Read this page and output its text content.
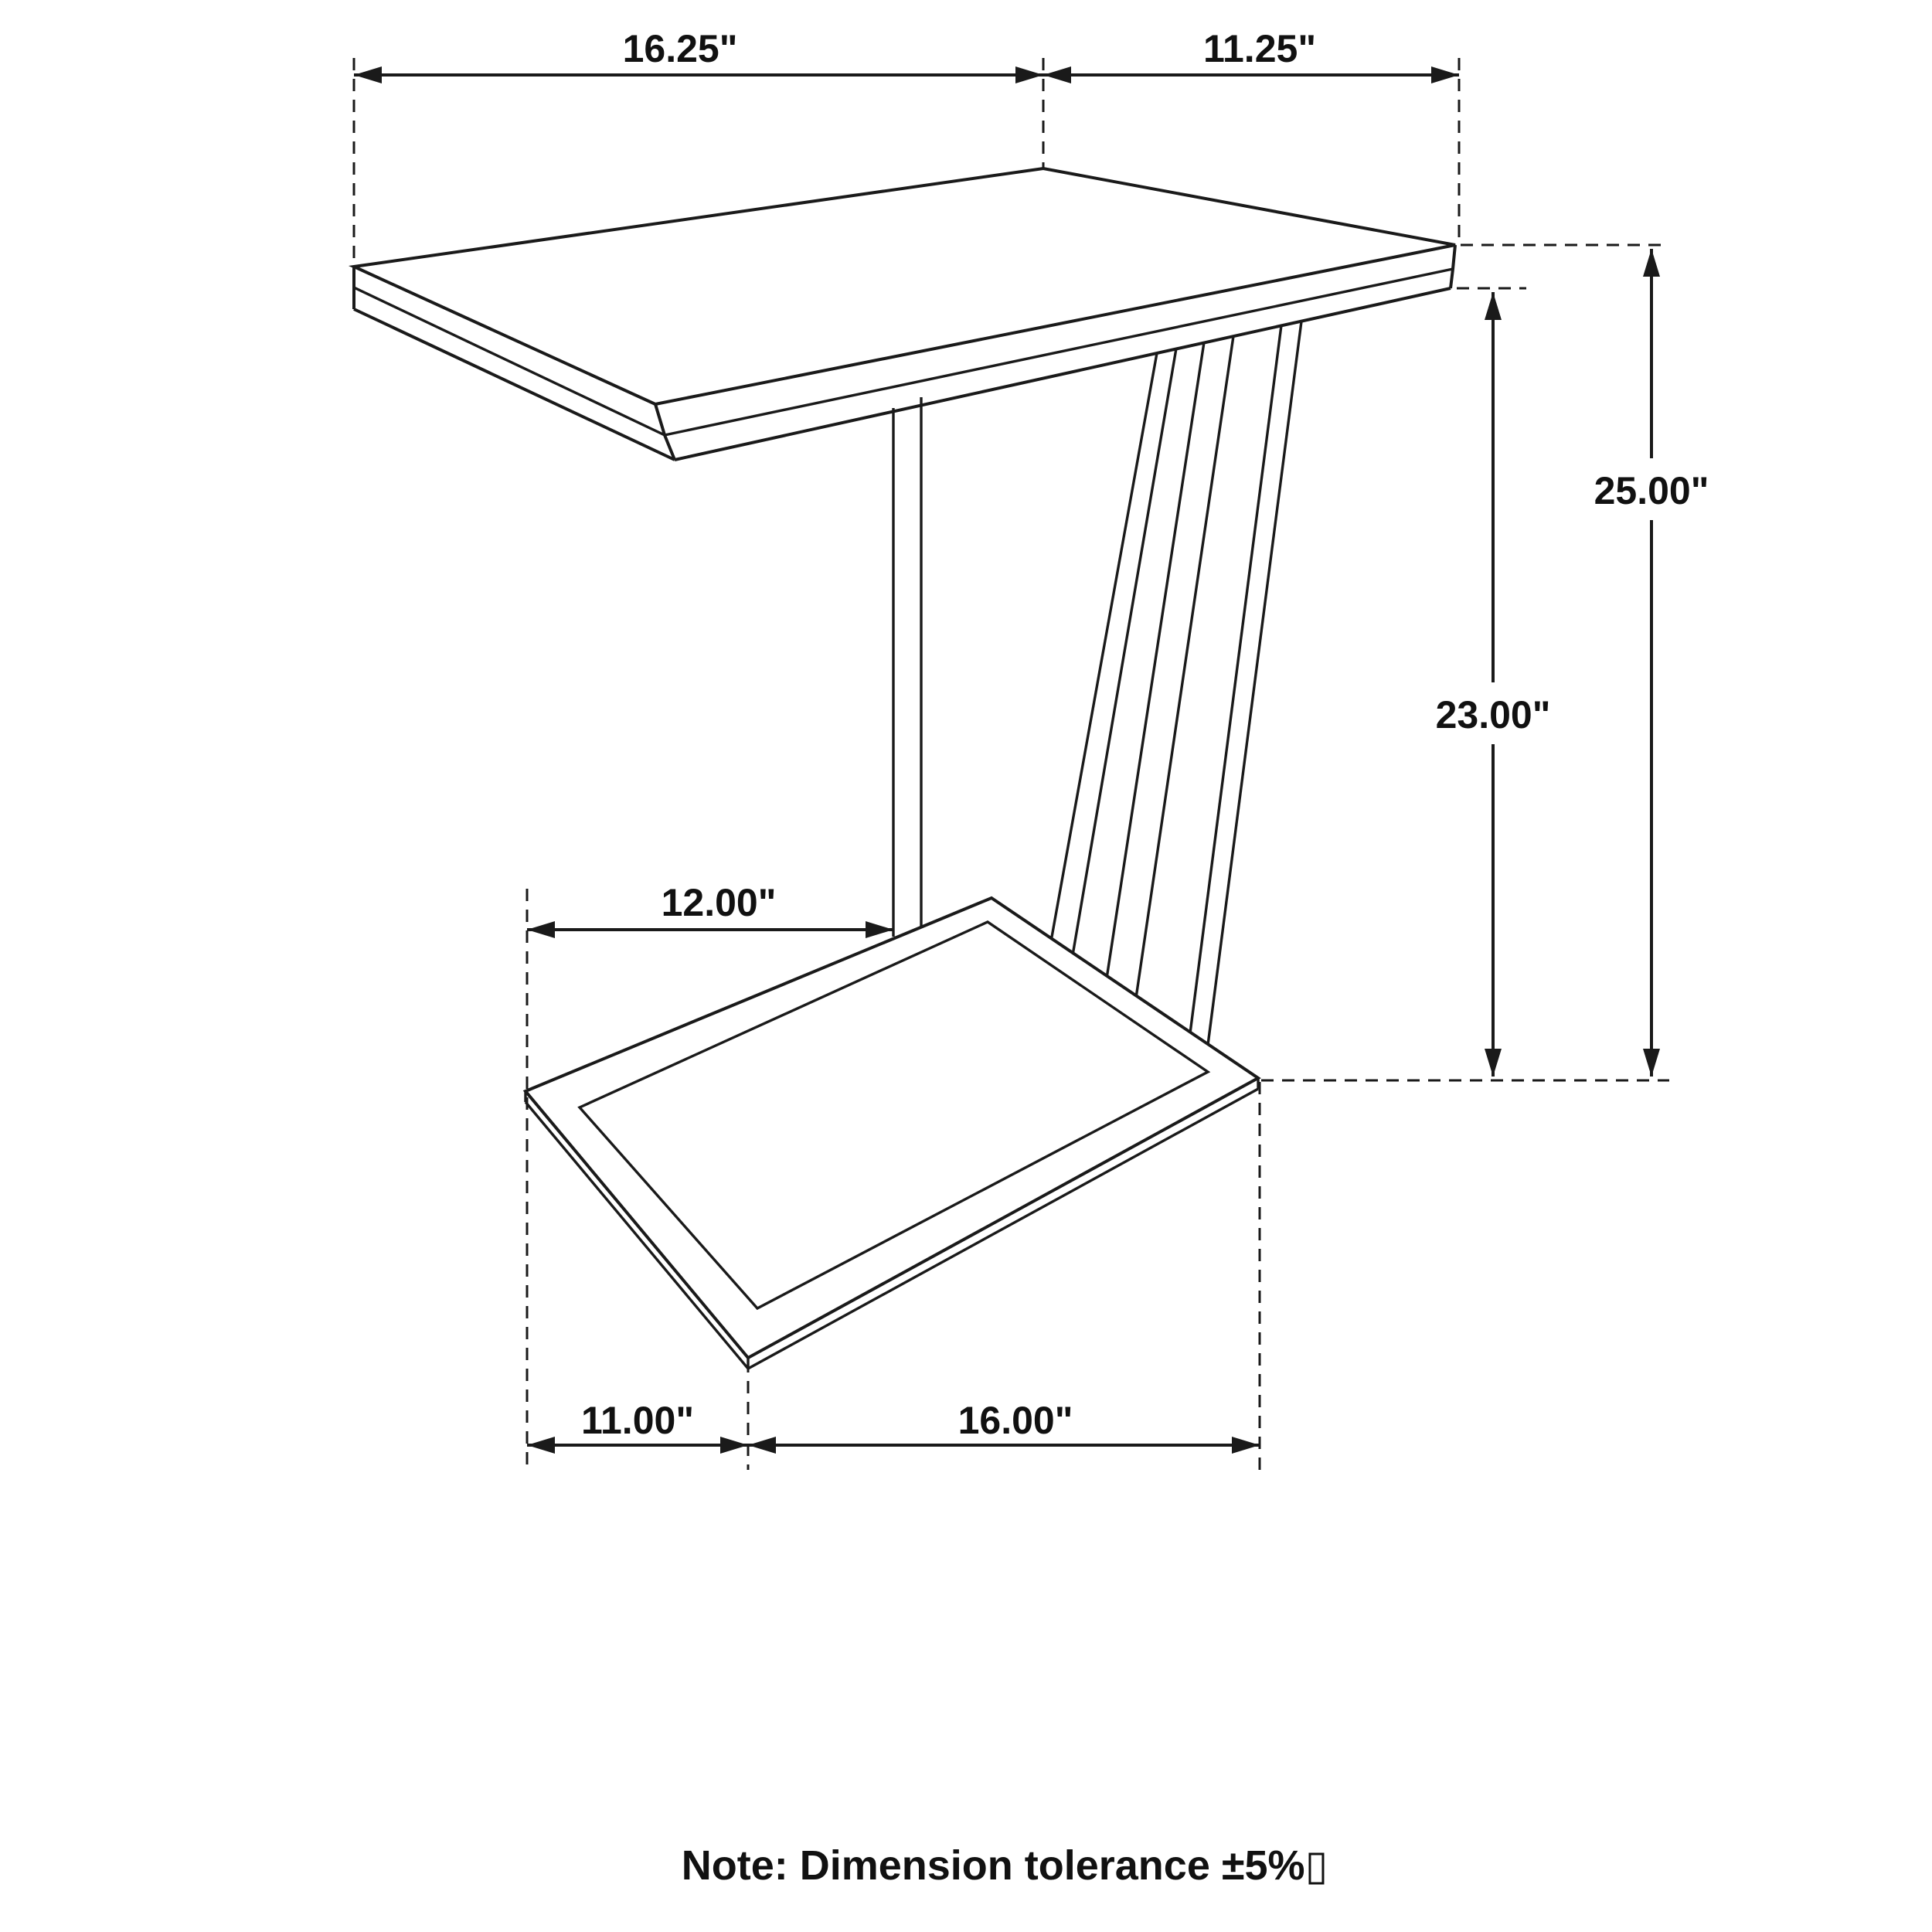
16.25"	11.25"
25.00"
23.00"
12.00"
11.00"	16.00"
Note: Dimension tolerance ±5%▯
